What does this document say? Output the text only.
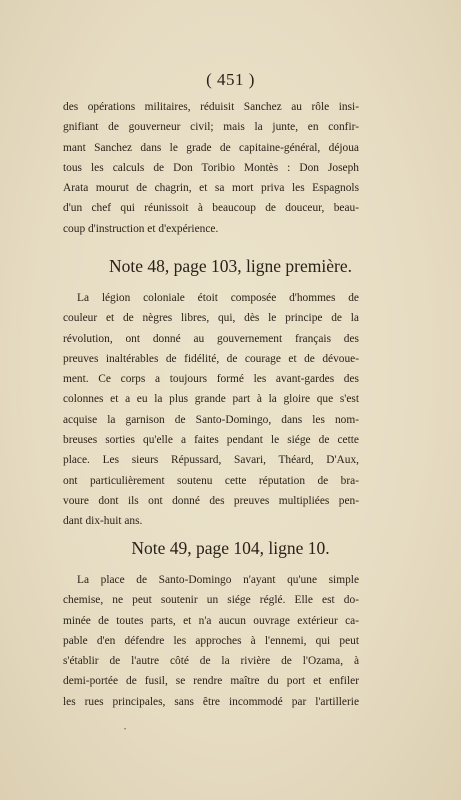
( 451 )
des opérations militaires, réduisit Sanchez au rôle insi-
gnifiant de gouverneur civil; mais la junte, en confir-
mant Sanchez dans le grade de capitaine-général, déjoua
tous les calculs de Don Toribio Montès : Don Joseph
Arata mourut de chagrin, et sa mort priva les Espagnols
d'un chef qui réunissoit à beaucoup de douceur, beau-
coup d'instruction et d'expérience.
Note 48, page 103, ligne première.
La légion coloniale étoit composée d'hommes de
couleur et de nègres libres, qui, dès le principe de la
révolution, ont donné au gouvernement français des
preuves inaltérables de fidélité, de courage et de dévoue-
ment. Ce corps a toujours formé les avant-gardes des
colonnes et a eu la plus grande part à la gloire que s'est
acquise la garnison de Santo-Domingo, dans les nom-
breuses sorties qu'elle a faites pendant le siége de cette
place. Les sieurs Répussard, Savari, Théard, D'Aux,
ont particulièrement soutenu cette réputation de bra-
voure dont ils ont donné des preuves multipliées pen-
dant dix-huit ans.
Note 49, page 104, ligne 10.
La place de Santo-Domingo n'ayant qu'une simple
chemise, ne peut soutenir un siége réglé. Elle est do-
minée de toutes parts, et n'a aucun ouvrage extérieur ca-
pable d'en défendre les approches à l'ennemi, qui peut
s'établir de l'autre côté de la rivière de l'Ozama, à
demi-portée de fusil, se rendre maître du port et enfiler
les rues principales, sans être incommodé par l'artillerie
•
